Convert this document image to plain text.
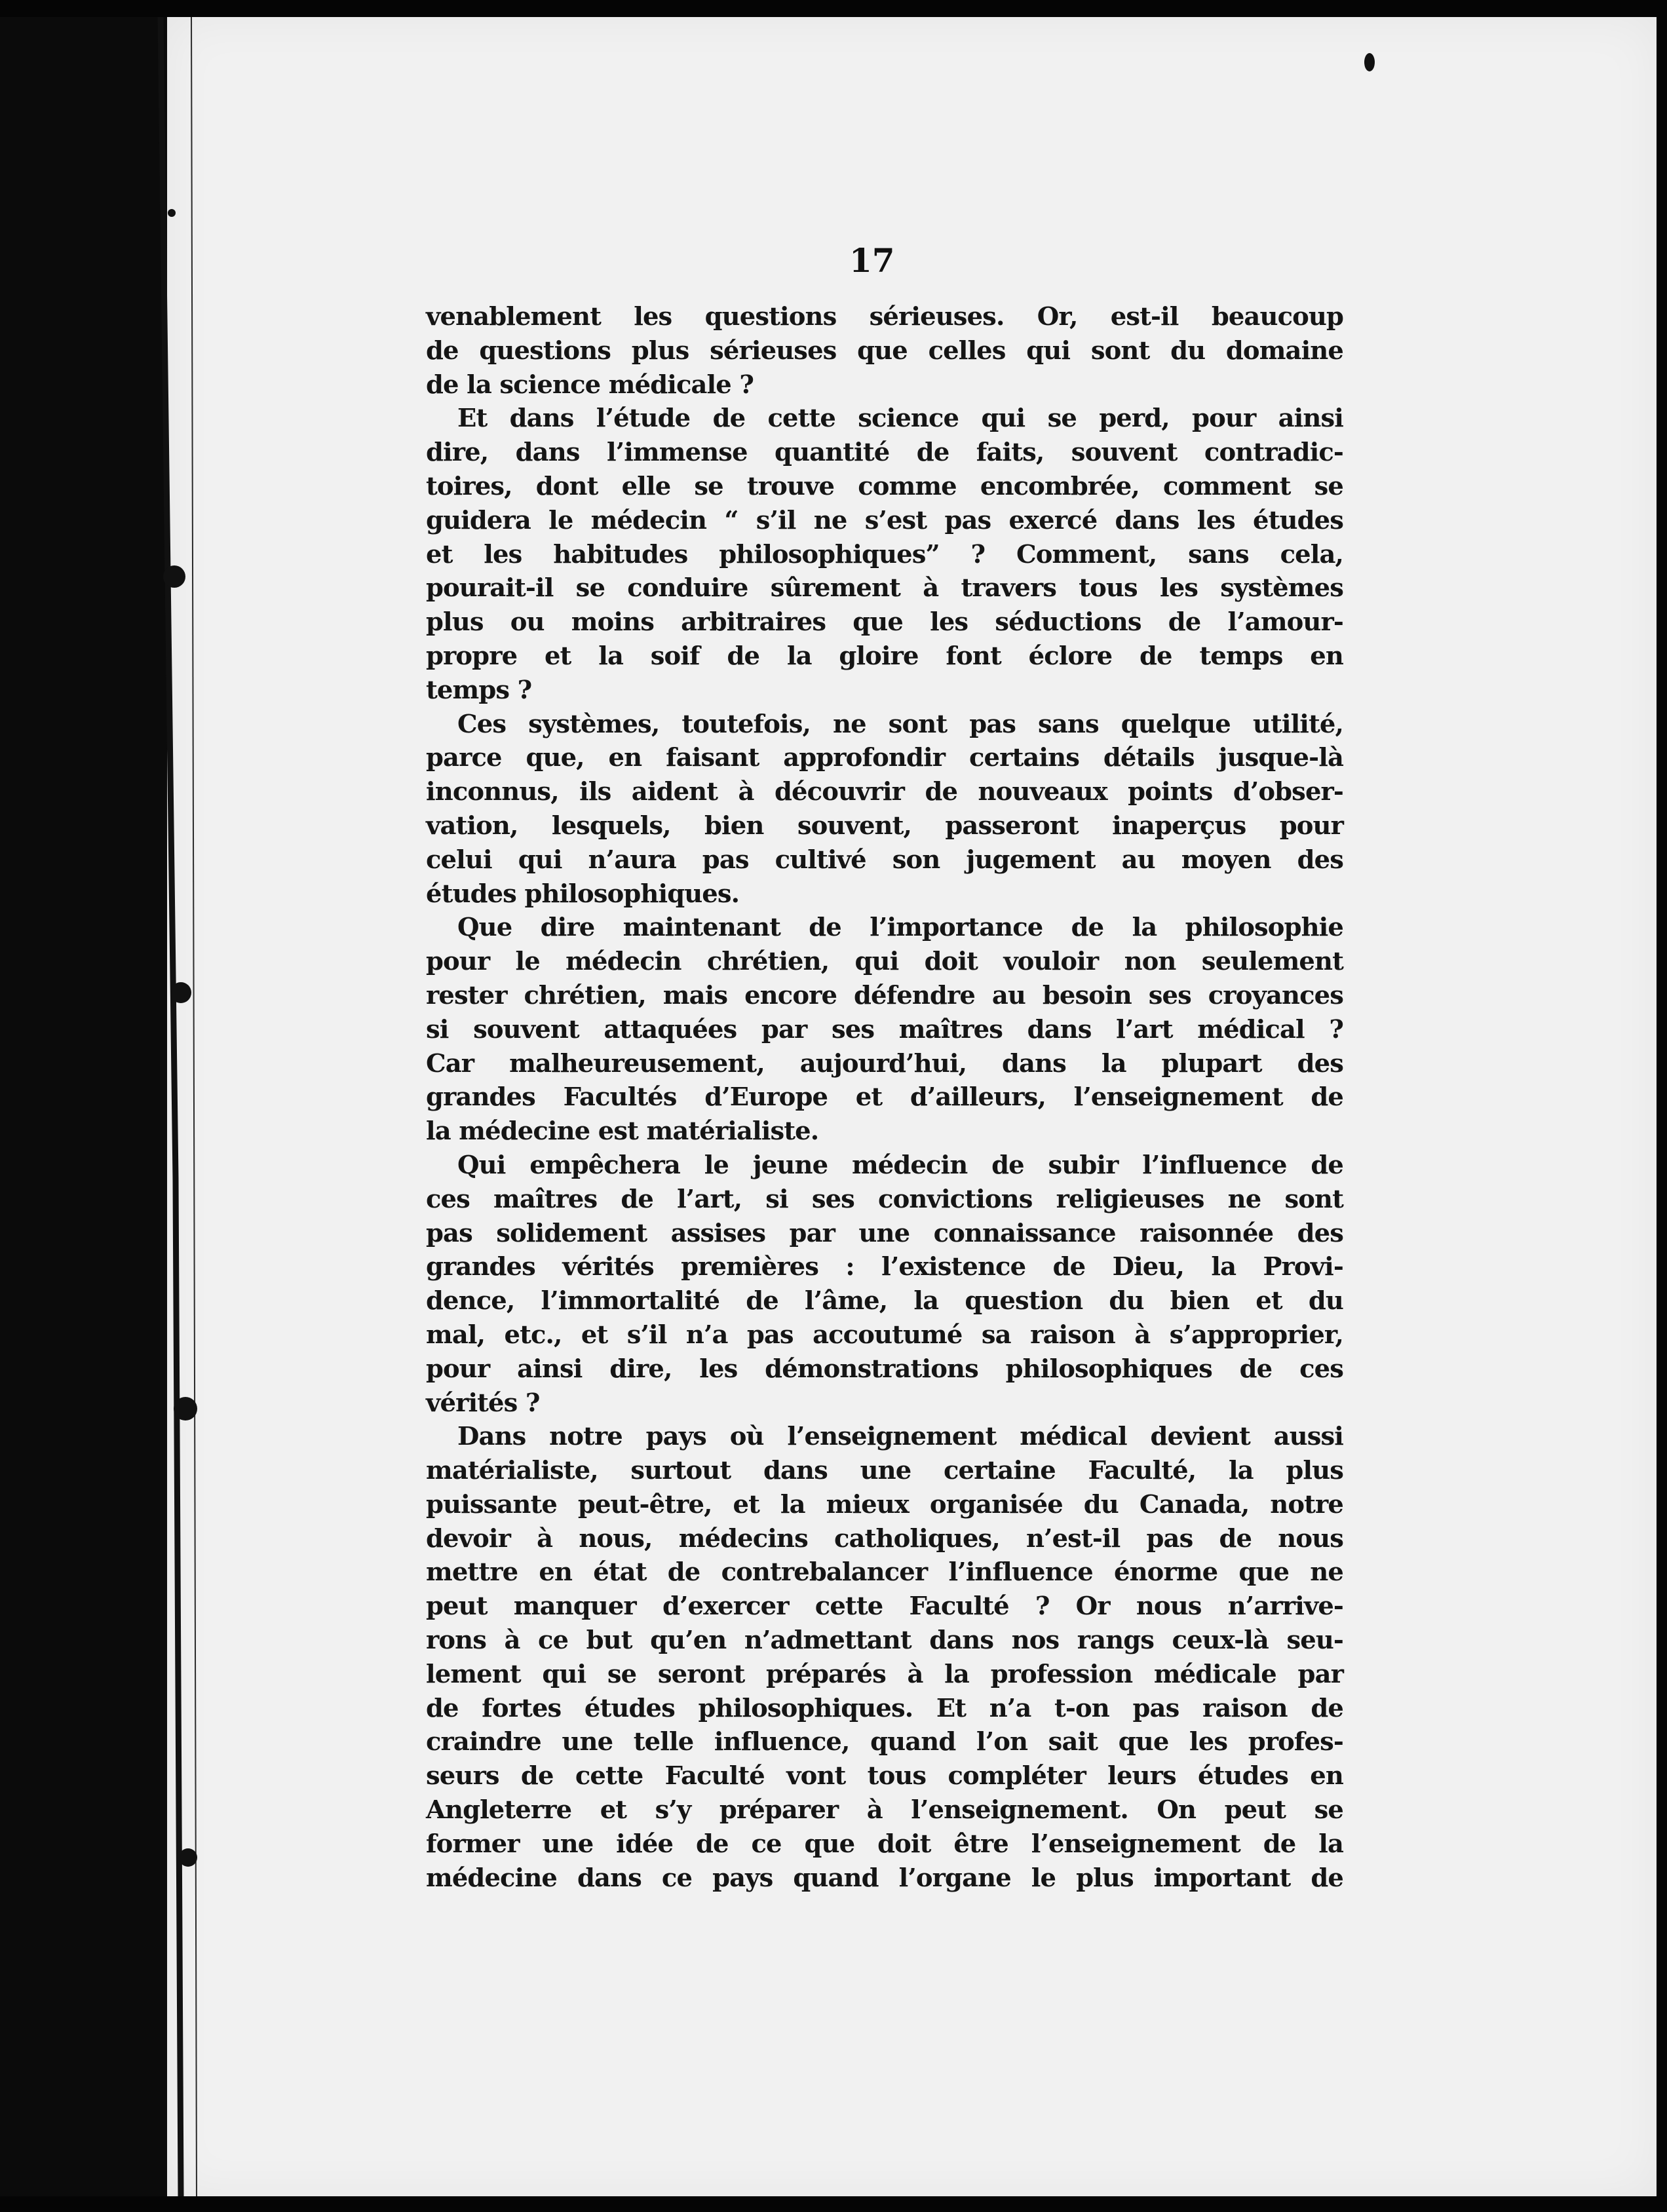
17
venablement les questions sérieuses. Or, est-il beaucoup
de questions plus sérieuses que celles qui sont du domaine
de la science médicale ?
Et dans l’étude de cette science qui se perd, pour ainsi
dire, dans l’immense quantité de faits, souvent contradic-
toires, dont elle se trouve comme encombrée, comment se
guidera le médecin “ s’il ne s’est pas exercé dans les études
et les habitudes philosophiques” ? Comment, sans cela,
pourait-il se conduire sûrement à travers tous les systèmes
plus ou moins arbitraires que les séductions de l’amour-
propre et la soif de la gloire font éclore de temps en
temps ?
Ces systèmes, toutefois, ne sont pas sans quelque utilité,
parce que, en faisant approfondir certains détails jusque-là
inconnus, ils aident à découvrir de nouveaux points d’obser-
vation, lesquels, bien souvent, passeront inaperçus pour
celui qui n’aura pas cultivé son jugement au moyen des
études philosophiques.
Que dire maintenant de l’importance de la philosophie
pour le médecin chrétien, qui doit vouloir non seulement
rester chrétien, mais encore défendre au besoin ses croyances
si souvent attaquées par ses maîtres dans l’art médical ?
Car malheureusement, aujourd’hui, dans la plupart des
grandes Facultés d’Europe et d’ailleurs, l’enseignement de
la médecine est matérialiste.
Qui empêchera le jeune médecin de subir l’influence de
ces maîtres de l’art, si ses convictions religieuses ne sont
pas solidement assises par une connaissance raisonnée des
grandes vérités premières : l’existence de Dieu, la Provi-
dence, l’immortalité de l’âme, la question du bien et du
mal, etc., et s’il n’a pas accoutumé sa raison à s’approprier,
pour ainsi dire, les démonstrations philosophiques de ces
vérités ?
Dans notre pays où l’enseignement médical devient aussi
matérialiste, surtout dans une certaine Faculté, la plus
puissante peut-être, et la mieux organisée du Canada, notre
devoir à nous, médecins catholiques, n’est-il pas de nous
mettre en état de contrebalancer l’influence énorme que ne
peut manquer d’exercer cette Faculté ? Or nous n’arrive-
rons à ce but qu’en n’admettant dans nos rangs ceux-là seu-
lement qui se seront préparés à la profession médicale par
de fortes études philosophiques. Et n’a t-on pas raison de
craindre une telle influence, quand l’on sait que les profes-
seurs de cette Faculté vont tous compléter leurs études en
Angleterre et s’y préparer à l’enseignement. On peut se
former une idée de ce que doit être l’enseignement de la
médecine dans ce pays quand l’organe le plus important de
